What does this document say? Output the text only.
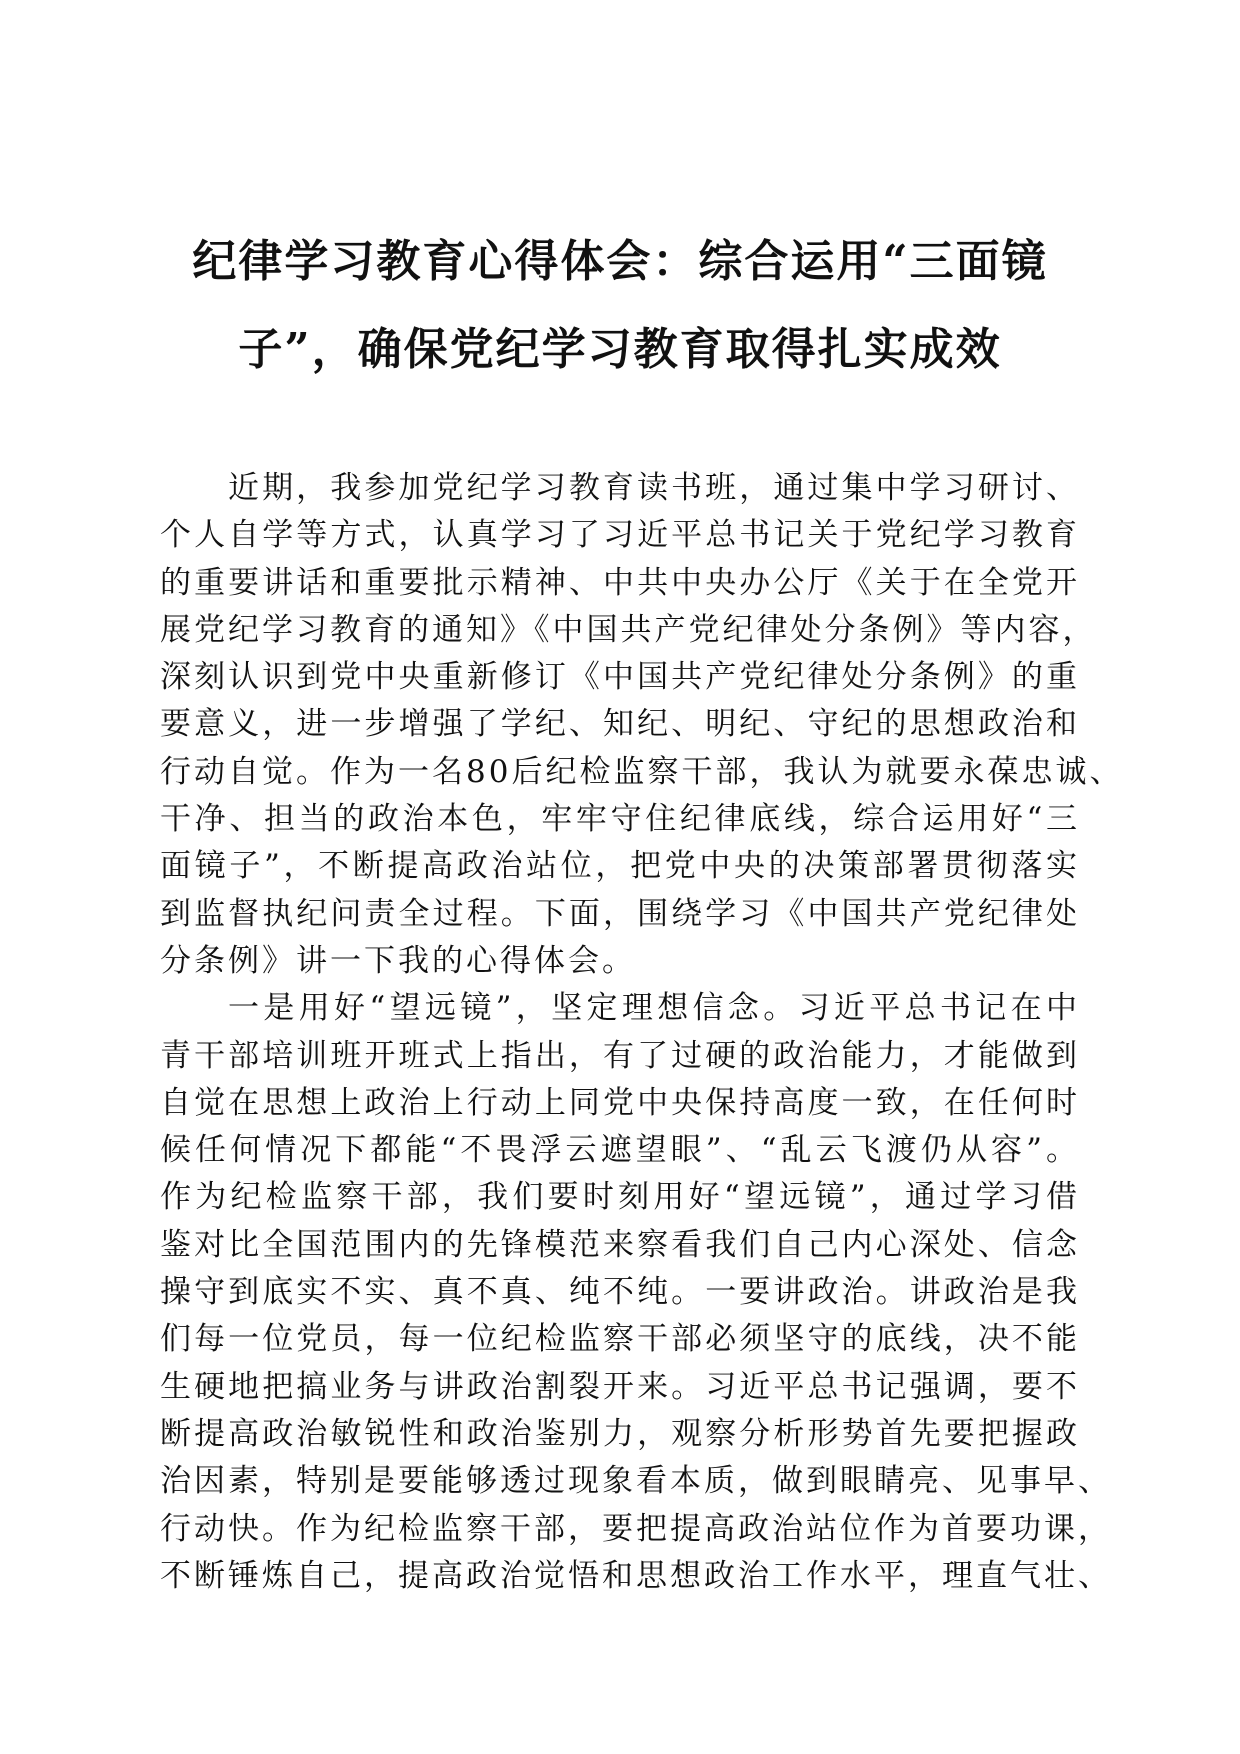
纪律学习教育心得体会：综合运用“三面镜
子”，确保党纪学习教育取得扎实成效
近期，我参加党纪学习教育读书班，通过集中学习研讨、
个人自学等方式，认真学习了习近平总书记关于党纪学习教育
的重要讲话和重要批示精神、中共中央办公厅《关于在全党开
展党纪学习教育的通知》《中国共产党纪律处分条例》等内容，
深刻认识到党中央重新修订《中国共产党纪律处分条例》的重
要意义，进一步增强了学纪、知纪、明纪、守纪的思想政治和
行动自觉。作为一名80后纪检监察干部，我认为就要永葆忠诚、
干净、担当的政治本色，牢牢守住纪律底线，综合运用好“三
面镜子”，不断提高政治站位，把党中央的决策部署贯彻落实
到监督执纪问责全过程。下面，围绕学习《中国共产党纪律处
分条例》讲一下我的心得体会。
一是用好“望远镜”，坚定理想信念。习近平总书记在中
青干部培训班开班式上指出，有了过硬的政治能力，才能做到
自觉在思想上政治上行动上同党中央保持高度一致，在任何时
候任何情况下都能“不畏浮云遮望眼”、“乱云飞渡仍从容”。
作为纪检监察干部，我们要时刻用好“望远镜”，通过学习借
鉴对比全国范围内的先锋模范来察看我们自己内心深处、信念
操守到底实不实、真不真、纯不纯。一要讲政治。讲政治是我
们每一位党员，每一位纪检监察干部必须坚守的底线，决不能
生硬地把搞业务与讲政治割裂开来。习近平总书记强调，要不
断提高政治敏锐性和政治鉴别力，观察分析形势首先要把握政
治因素，特别是要能够透过现象看本质，做到眼睛亮、见事早、
行动快。作为纪检监察干部，要把提高政治站位作为首要功课，
不断锤炼自己，提高政治觉悟和思想政治工作水平，理直气壮、
